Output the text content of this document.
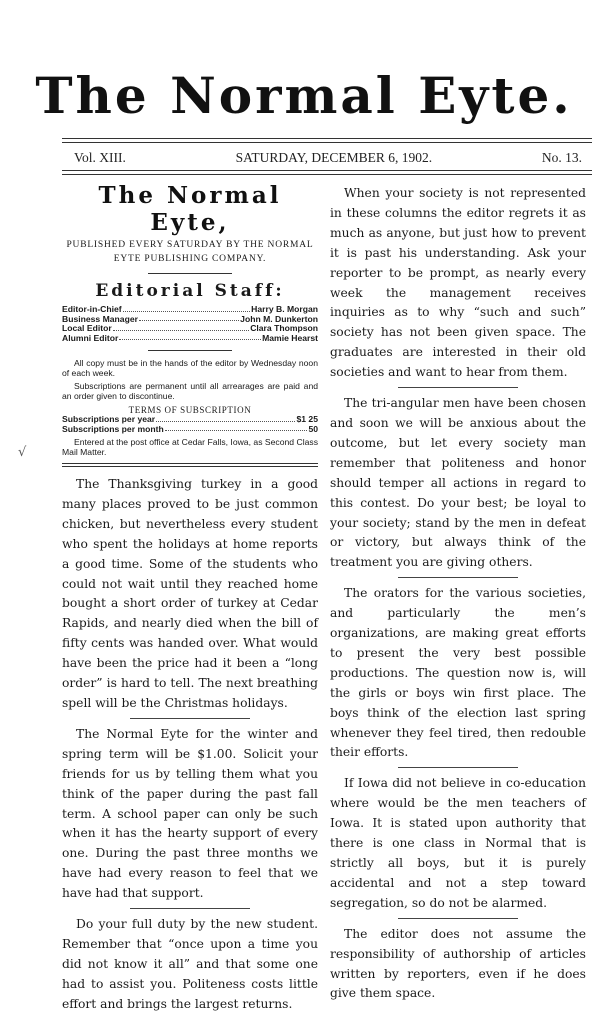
The Normal Eyte.
Vol. XIII.	SATURDAY, DECEMBER 6, 1902.	No. 13.
√
The Normal Eyte,
PUBLISHED EVERY SATURDAY BY THE NORMAL EYTE PUBLISHING COMPANY.
Editorial Staff:
Editor-in-Chief	Harry B. Morgan
Business Manager	John M. Dunkerton
Local Editor	Clara Thompson
Alumni Editor	Mamie Hearst

All copy must be in the hands of the editor by Wednesday noon of each week.

Subscriptions are permanent until all arrearages are paid and an order given to discontinue.

TERMS OF SUBSCRIPTION
Subscriptions per year	$1 25
Subscriptions per month	50

Entered at the post office at Cedar Falls, Iowa, as Second Class Mail Matter.

The Thanksgiving turkey in a good many places proved to be just common chicken, but nevertheless every student who spent the holidays at home reports a good time. Some of the students who could not wait until they reached home bought a short order of turkey at Cedar Rapids, and nearly died when the bill of fifty cents was handed over. What would have been the price had it been a “long order” is hard to tell. The next breathing spell will be the Christmas holidays.

The Normal Eyte for the winter and spring term will be $1.00. Solicit your friends for us by telling them what you think of the paper during the past fall term. A school paper can only be such when it has the hearty support of every one. During the past three months we have had every reason to feel that we have had that support.

Do your full duty by the new student. Remember that “once upon a time you did not know it all” and that some one had to assist you. Politeness costs little effort and brings the largest returns.

When your society is not represented in these columns the editor regrets it as much as anyone, but just how to prevent it is past his understanding. Ask your reporter to be prompt, as nearly every week the management receives inquiries as to why “such and such” society has not been given space. The graduates are interested in their old societies and want to hear from them.

The tri-angular men have been chosen and soon we will be anxious about the outcome, but let every society man remember that politeness and honor should temper all actions in regard to this contest. Do your best; be loyal to your society; stand by the men in defeat or victory, but always think of the treatment you are giving others.

The orators for the various societies, and particularly the men’s organizations, are making great efforts to present the very best possible productions. The question now is, will the girls or boys win first place. The boys think of the election last spring whenever they feel tired, then redouble their efforts.

If Iowa did not believe in co-education where would be the men teachers of Iowa. It is stated upon authority that there is one class in Normal that is strictly all boys, but it is purely accidental and not a step toward segregation, so do not be alarmed.

The editor does not assume the responsibility of authorship of articles written by reporters, even if he does give them space.
